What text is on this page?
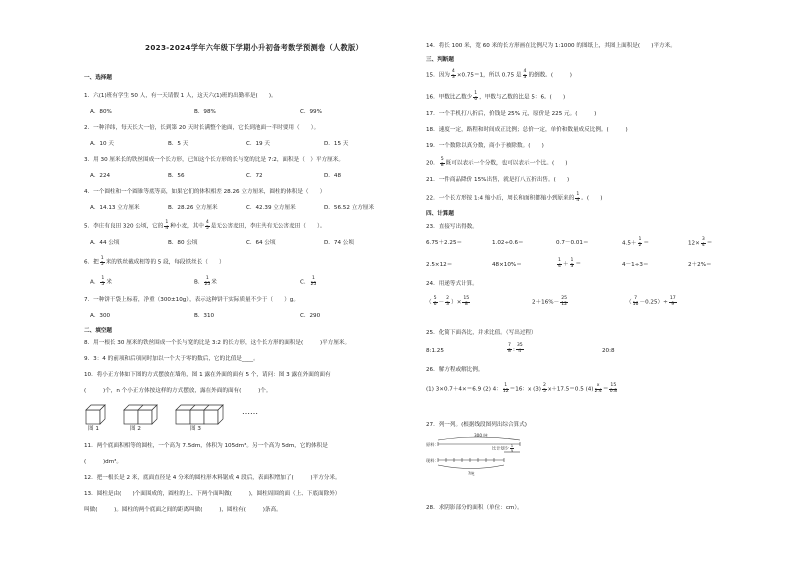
2023-2024学年六年级下学期小升初备考数学预测卷（人教版）
一、选择题
1．六(1)班有学生 50 人，有一天请假 1 人，这天六(1)班的出勤率是(　　)。
A．80%	B．98%	C．99%
2．一种洋纬，每天长大一倍，长到第 20 天时长满整个池面，它长到池面一半时要用（　　）。
A．10 天	B．5 天	C．19 天	D．15 天
3．用 30 厘米长的铁丝围成一个长方形，已知这个长方形的长与宽的比是 7:2，面积是（　）平方厘米。
A．224	B．56	C．72	D．48
4．一个圆柱和一个圆锥等底等高，如果它们的体积相差 28.26 立方厘米，圆柱的体积是（　　）
A．14.13 立方厘米	B．28.26 立方厘米	C．42.39 立方厘米	D．56.52 立方厘米
5．李庄有良田 320 公顷，它的 $\frac{1}{4}$ 种小麦，其中 $\frac{4}{5}$ 是无公害麦田，李庄共有无公害麦田（　　）。
A．44 公顷	B．80 公顷	C．64 公顷	D．74 公顷
6．把 $\frac{1}{5}$ 米的铁丝截成相等的 5 段，每段铁丝长（　　）
A． $\frac{1}{5}$ 米	B． $\frac{1}{25}$ 米	C． $\frac{1}{25}$
7．一种饼干袋上标着，净重（300±10g），表示这种饼干实际质量不少于（　　）g。
A．300	B．310	C．290
二、填空题
8．用一根长 30 厘米的铁丝围成一个长与宽的比是 3:2 的长方形，这个长方形的面积是(　　　)平方厘米。
9．3：4 的前项和后项同时加以一个大于零的数后，它的比值是____。
10．将小正方体如下图的方式摆放在墙角，图 1 露在外面的面有 5 个，请问：图 3 露在外面的面有
(　　　)个，n 个小正方体按这样的方式摆放，露在外面的面有(　　　)个。
……
图 1	图 2	图 3
11．两个底面积相等的圆柱，一个高为 7.5dm，体积为 105dm³。另一个高为 5dm，它的体积是
(　　　)dm³。
12．把一根长是 2 米，底面直径是 4 分米的圆柱形木料锯成 4 段后，表面积增加了(　　　)平方分米。
13．圆柱是由(　　)个面围成的，圆柱的上、下两个面叫做(　　　)，圆柱周围的面（上、下底面除外）
叫做(　　　)。圆柱的两个底面之间的距离叫做(　　　)，圆柱有(　　　)条高。
14．将长 100 米，宽 60 米的长方形画在比例尺为 1:1000 的图纸上，其图上面积是(　　)平方米。
三、判断题
15．因为 $\frac{4}{3} \times 0.75=1$，所以 0.75 是 $\frac{4}{3}$ 的倒数。(　　　)
16．甲数比乙数少 $\frac{1}{6}$ ，甲数与乙数的比是 5：6。(　　)
17．一个手机打八折后，价钱是 25% 元，原价是 225 元。(　　　)
18．速度一定，路程和时间成正比例；总价一定，单价和数量成反比例。(　　　)
19．一个数除以真分数，商小于被除数。(　　)
20． $\frac{5}{8}$ 既可以表示一个分数，也可以表示一个比。(　　)
21．一件商品降价 15%出售，就是打八五折出售。(　　)
22．一个长方形按 1:4 缩小后，周长和面积都缩小到原来的 $\frac{1}{4}$ 。(　　)
四、计算题
23．直接写出得数。
6.75＋2.25＝	1.02÷0.6＝	0.7－0.01＝	$4.5+ \frac{1}{2}$ ＝	$12\times \frac{3}{4}$ ＝
2.5×12＝	48×10%＝	$\frac{1}{4} + \frac{1}{3}$ ＝	4－1÷3＝	2＋2%＝
24．用递等式计算。
（ $\frac{5}{6} - \frac{2}{3}$ ）× $\frac{15}{8}$	$2+16\%- \frac{25}{12}$	（ $\frac{7}{16} -0.25)\div \frac{17}{9}$
25．化简下面各比，并求比值。（写出过程）
8:1.25	$\frac{7}{8}$ : $\frac{35}{4}$	20:8
26．解方程或解比例。
(1) 3×0.7＋4×＝6.9 (2) 4： $\frac{1}{12} =16$：x $(3) \frac{2}{5} x+17.5=0.5$ $(4) \frac{x}{2.4} = \frac{15}{0.8}$
27．列一列。(根据线段图列出综合算式)
300 吨
原料：
现料：
比计划少 $\frac{1}{5}$
?吨
28．求阴影部分的面积（单位：cm）。
